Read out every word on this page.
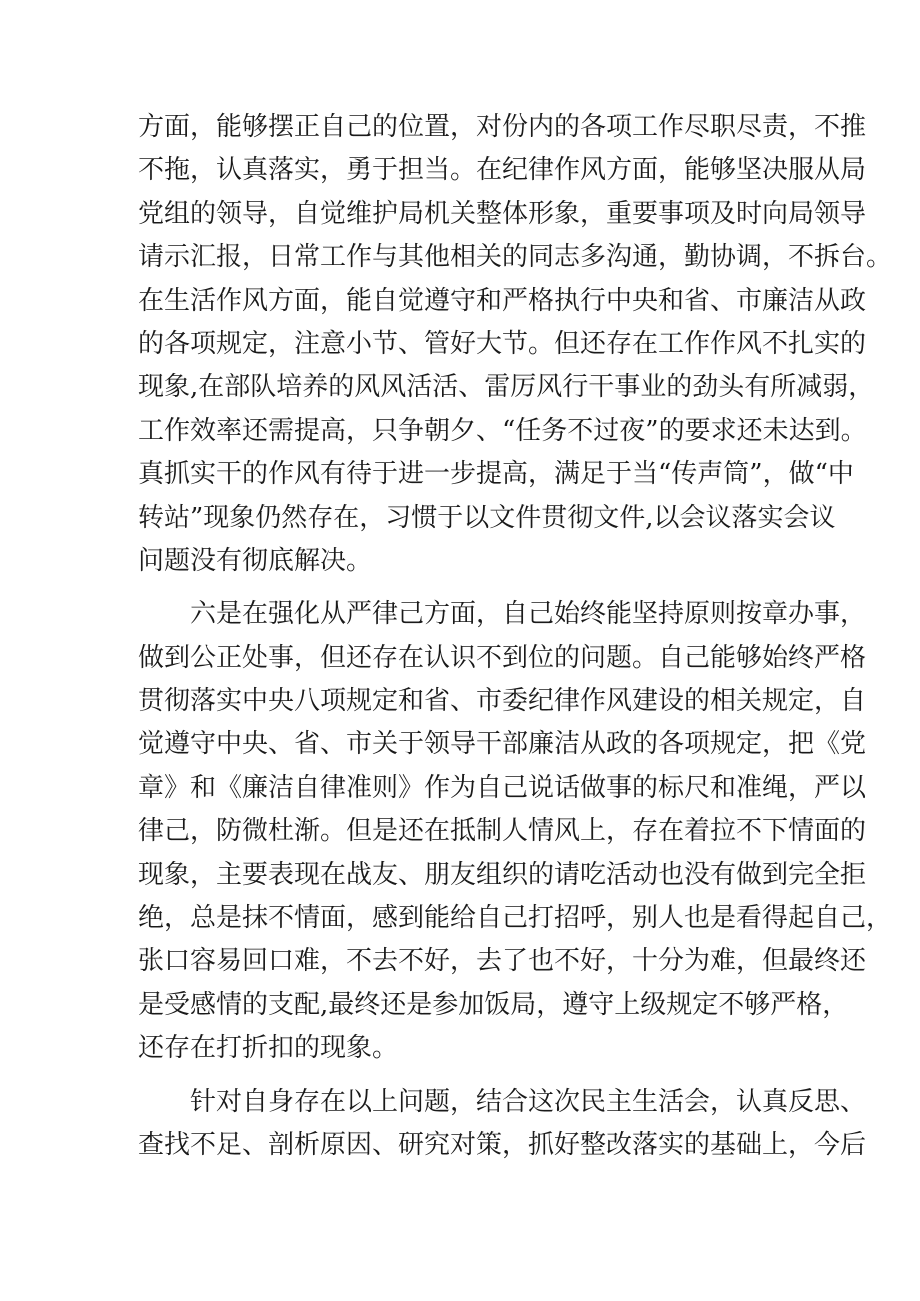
方面，能够摆正自己的位置，对份内的各项工作尽职尽责，不推
不拖，认真落实，勇于担当。在纪律作风方面，能够坚决服从局
党组的领导，自觉维护局机关整体形象，重要事项及时向局领导
请示汇报，日常工作与其他相关的同志多沟通，勤协调，不拆台。
在生活作风方面，能自觉遵守和严格执行中央和省、市廉洁从政
的各项规定，注意小节、管好大节。但还存在工作作风不扎实的
现象,在部队培养的风风活活、雷厉风行干事业的劲头有所减弱，
工作效率还需提高，只争朝夕、“任务不过夜”的要求还未达到。
真抓实干的作风有待于进一步提高，满足于当“传声筒”，做“中
转站”现象仍然存在，习惯于以文件贯彻文件,以会议落实会议
问题没有彻底解决。
六是在强化从严律己方面，自己始终能坚持原则按章办事，
做到公正处事，但还存在认识不到位的问题。自己能够始终严格
贯彻落实中央八项规定和省、市委纪律作风建设的相关规定，自
觉遵守中央、省、市关于领导干部廉洁从政的各项规定，把《党
章》和《廉洁自律准则》作为自己说话做事的标尺和准绳，严以
律己，防微杜渐。但是还在抵制人情风上，存在着拉不下情面的
现象，主要表现在战友、朋友组织的请吃活动也没有做到完全拒
绝，总是抹不情面，感到能给自己打招呼，别人也是看得起自己，
张口容易回口难，不去不好，去了也不好，十分为难，但最终还
是受感情的支配,最终还是参加饭局，遵守上级规定不够严格，
还存在打折扣的现象。
针对自身存在以上问题，结合这次民主生活会，认真反思、
查找不足、剖析原因、研究对策，抓好整改落实的基础上，今后
